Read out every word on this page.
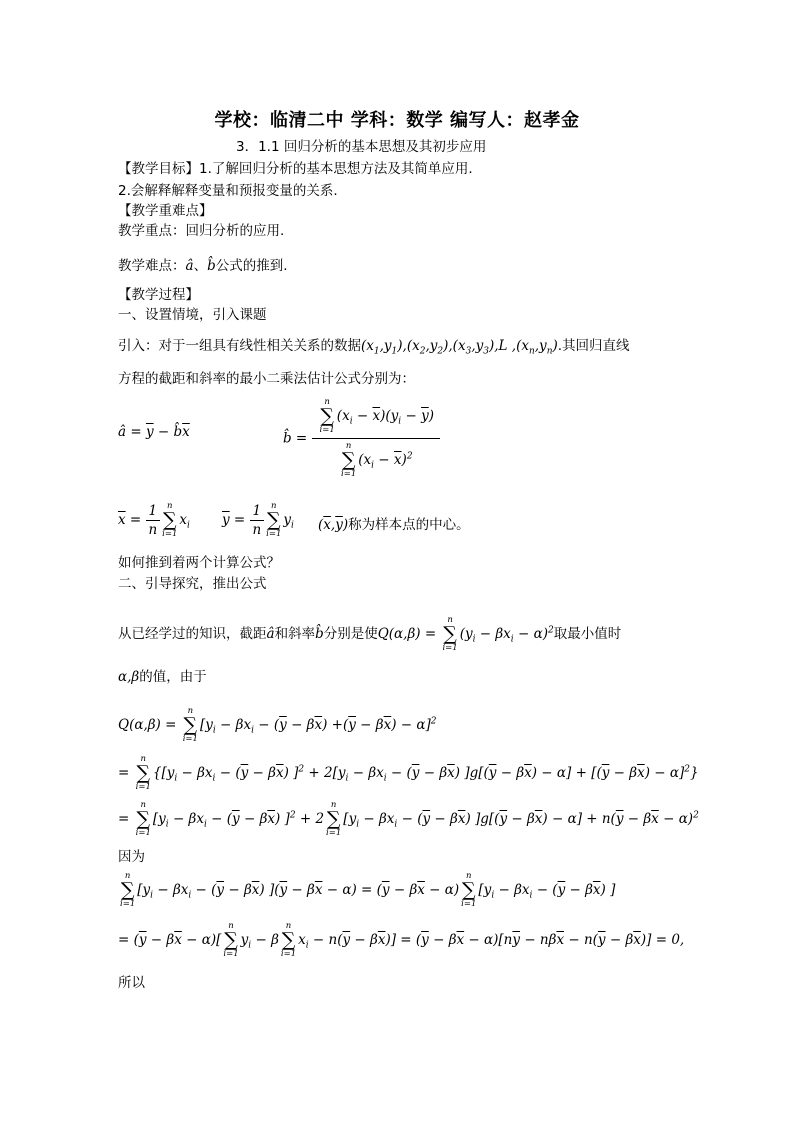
学校：临清二中 学科：数学 编写人：赵孝金
3．1.1 回归分析的基本思想及其初步应用
【教学目标】1.了解回归分析的基本思想方法及其简单应用.
2.会解释解释变量和预报变量的关系.
【教学重难点】
教学重点：回归分析的应用.
教学难点：â、b̂公式的推到.
【教学过程】
一、设置情境，引入课题
引入：对于一组具有线性相关关系的数据$(x_1,y_1),(x_2,y_2),(x_3,y_3),L$ $,(x_n,y_n)$.其回归直线
方程的截距和斜率的最小二乘法估计公式分别为：
â = $\overline{y}$ − $b̂\overline{x}$	b̂ = n
∑
i=1
$(x_i - \overline{x})(y_i - \overline{y})$
n
∑
i=1
$(x_i - \overline{x})^2$
$\overline{x} = \frac{1}{n}$ n
∑
i=1
$x_i$ $\overline{y} = \frac{1}{n}$ n
∑
i=1
$y_i$ $(\overline{x},\overline{y})$称为样本点的中心。
如何推到着两个计算公式？
二、引导探究，推出公式
从已经学过的知识，截距â和斜率b̂分别是使Q(α,β) =
n
∑
i=1
$(y_i - \beta x_i - \alpha)^2$取最小值时
α,β的值，由于
Q(α,β) =
n
∑
i=1
$[y_i - \beta x_i - (\overline{y} - \beta\overline{x}) +(\overline{y} - \beta\overline{x}) - \alpha]^2$
=
n
∑
i=1
$\{[y_i - \beta x_i - (\overline{y} - \beta\overline{x}) ]^2 + 2[y_i - \beta x_i - (\overline{y} - \beta\overline{x}) ]g[(\overline{y} - \beta\overline{x}) - \alpha] + [(\overline{y} - \beta\overline{x}) - \alpha]^2\}$
=
n
∑
i=1
$[y_i - \beta x_i - (\overline{y} - \beta\overline{x}) ]^2 + 2$
n
∑
i=1
$[y_i - \beta x_i - (\overline{y} - \beta\overline{x}) ]g[(\overline{y} - \beta\overline{x}) - \alpha] + n(\overline{y} - \beta\overline{x} - \alpha)^2$
因为
n
∑
i=1
$[y_i - \beta x_i - (\overline{y} - \beta\overline{x}) ](\overline{y} - \beta\overline{x} - \alpha) = (\overline{y} - \beta\overline{x} - \alpha)$
n
∑
i=1
[$y_i - \beta x_i - (\overline{y} - \beta\overline{x})$ ]
= $(\overline{y} - \beta\overline{x} - \alpha)$[
n
∑
i=1
$y_i - \beta$
n
∑
i=1
$x_i - n(\overline{y} - \beta\overline{x})] = (\overline{y} - \beta\overline{x} - \alpha)[n\overline{y} - n\beta\overline{x} - n(\overline{y} - \beta\overline{x})] = 0$,
所以
